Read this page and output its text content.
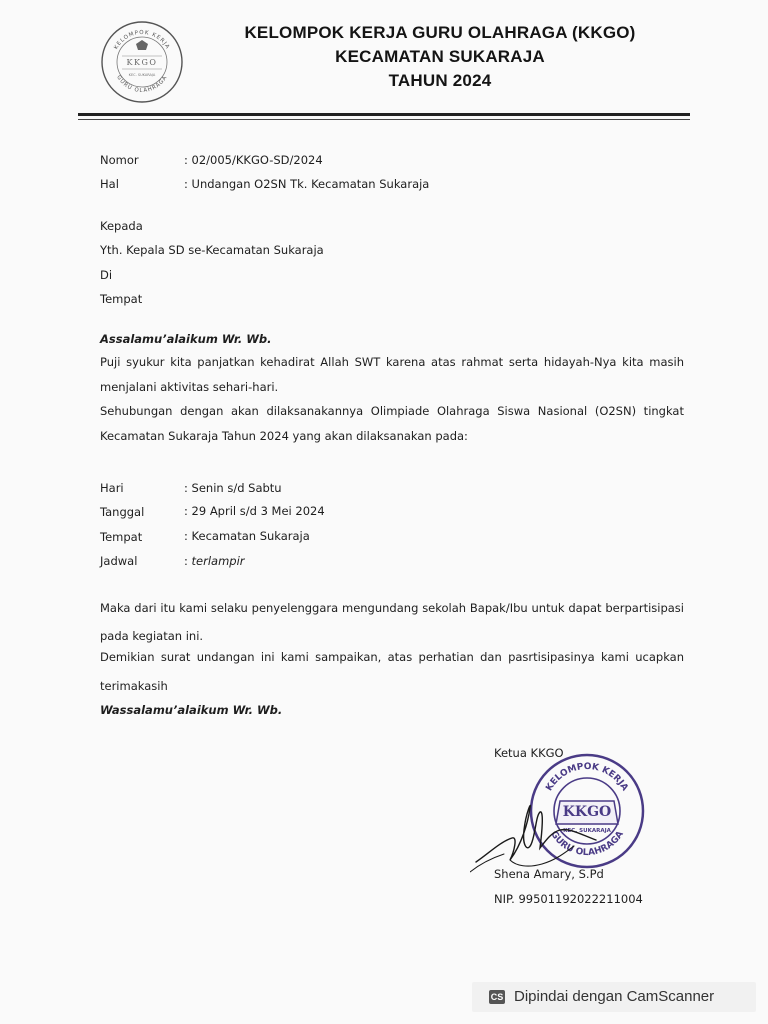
KELOMPOK KERJA
GURU OLAHRAGA
KKGO
KEC. SUKARAJA
KELOMPOK KERJA GURU OLAHRAGA (KKGO)
KECAMATAN SUKARAJA
TAHUN 2024
Nomor	: 02/005/KKGO-SD/2024
Hal	: Undangan O2SN Tk. Kecamatan Sukaraja
Kepada
Yth. Kepala SD se-Kecamatan Sukaraja
Di
Tempat
Assalamu’alaikum Wr. Wb.
Puji syukur kita panjatkan kehadirat Allah SWT karena atas rahmat serta hidayah-Nya kita masih
menjalani aktivitas sehari-hari.
Sehubungan dengan akan dilaksanakannya Olimpiade Olahraga Siswa Nasional (O2SN) tingkat
Kecamatan Sukaraja Tahun 2024 yang akan dilaksanakan pada:
Hari	: Senin s/d Sabtu
Tanggal	: 29 April s/d 3 Mei 2024
Tempat	: Kecamatan Sukaraja
Jadwal	: terlampir
Maka dari itu kami selaku penyelenggara mengundang sekolah Bapak/Ibu untuk dapat berpartisipasi
pada kegiatan ini.
Demikian surat undangan ini kami sampaikan, atas perhatian dan pasrtisipasinya kami ucapkan
terimakasih
Wassalamu’alaikum Wr. Wb.
Ketua KKGO
KELOMPOK KERJA
GURU OLAHRAGA
KKGO
KEC. SUKARAJA
Shena Amary, S.Pd
NIP. 99501192022211004
CS Dipindai dengan CamScanner
